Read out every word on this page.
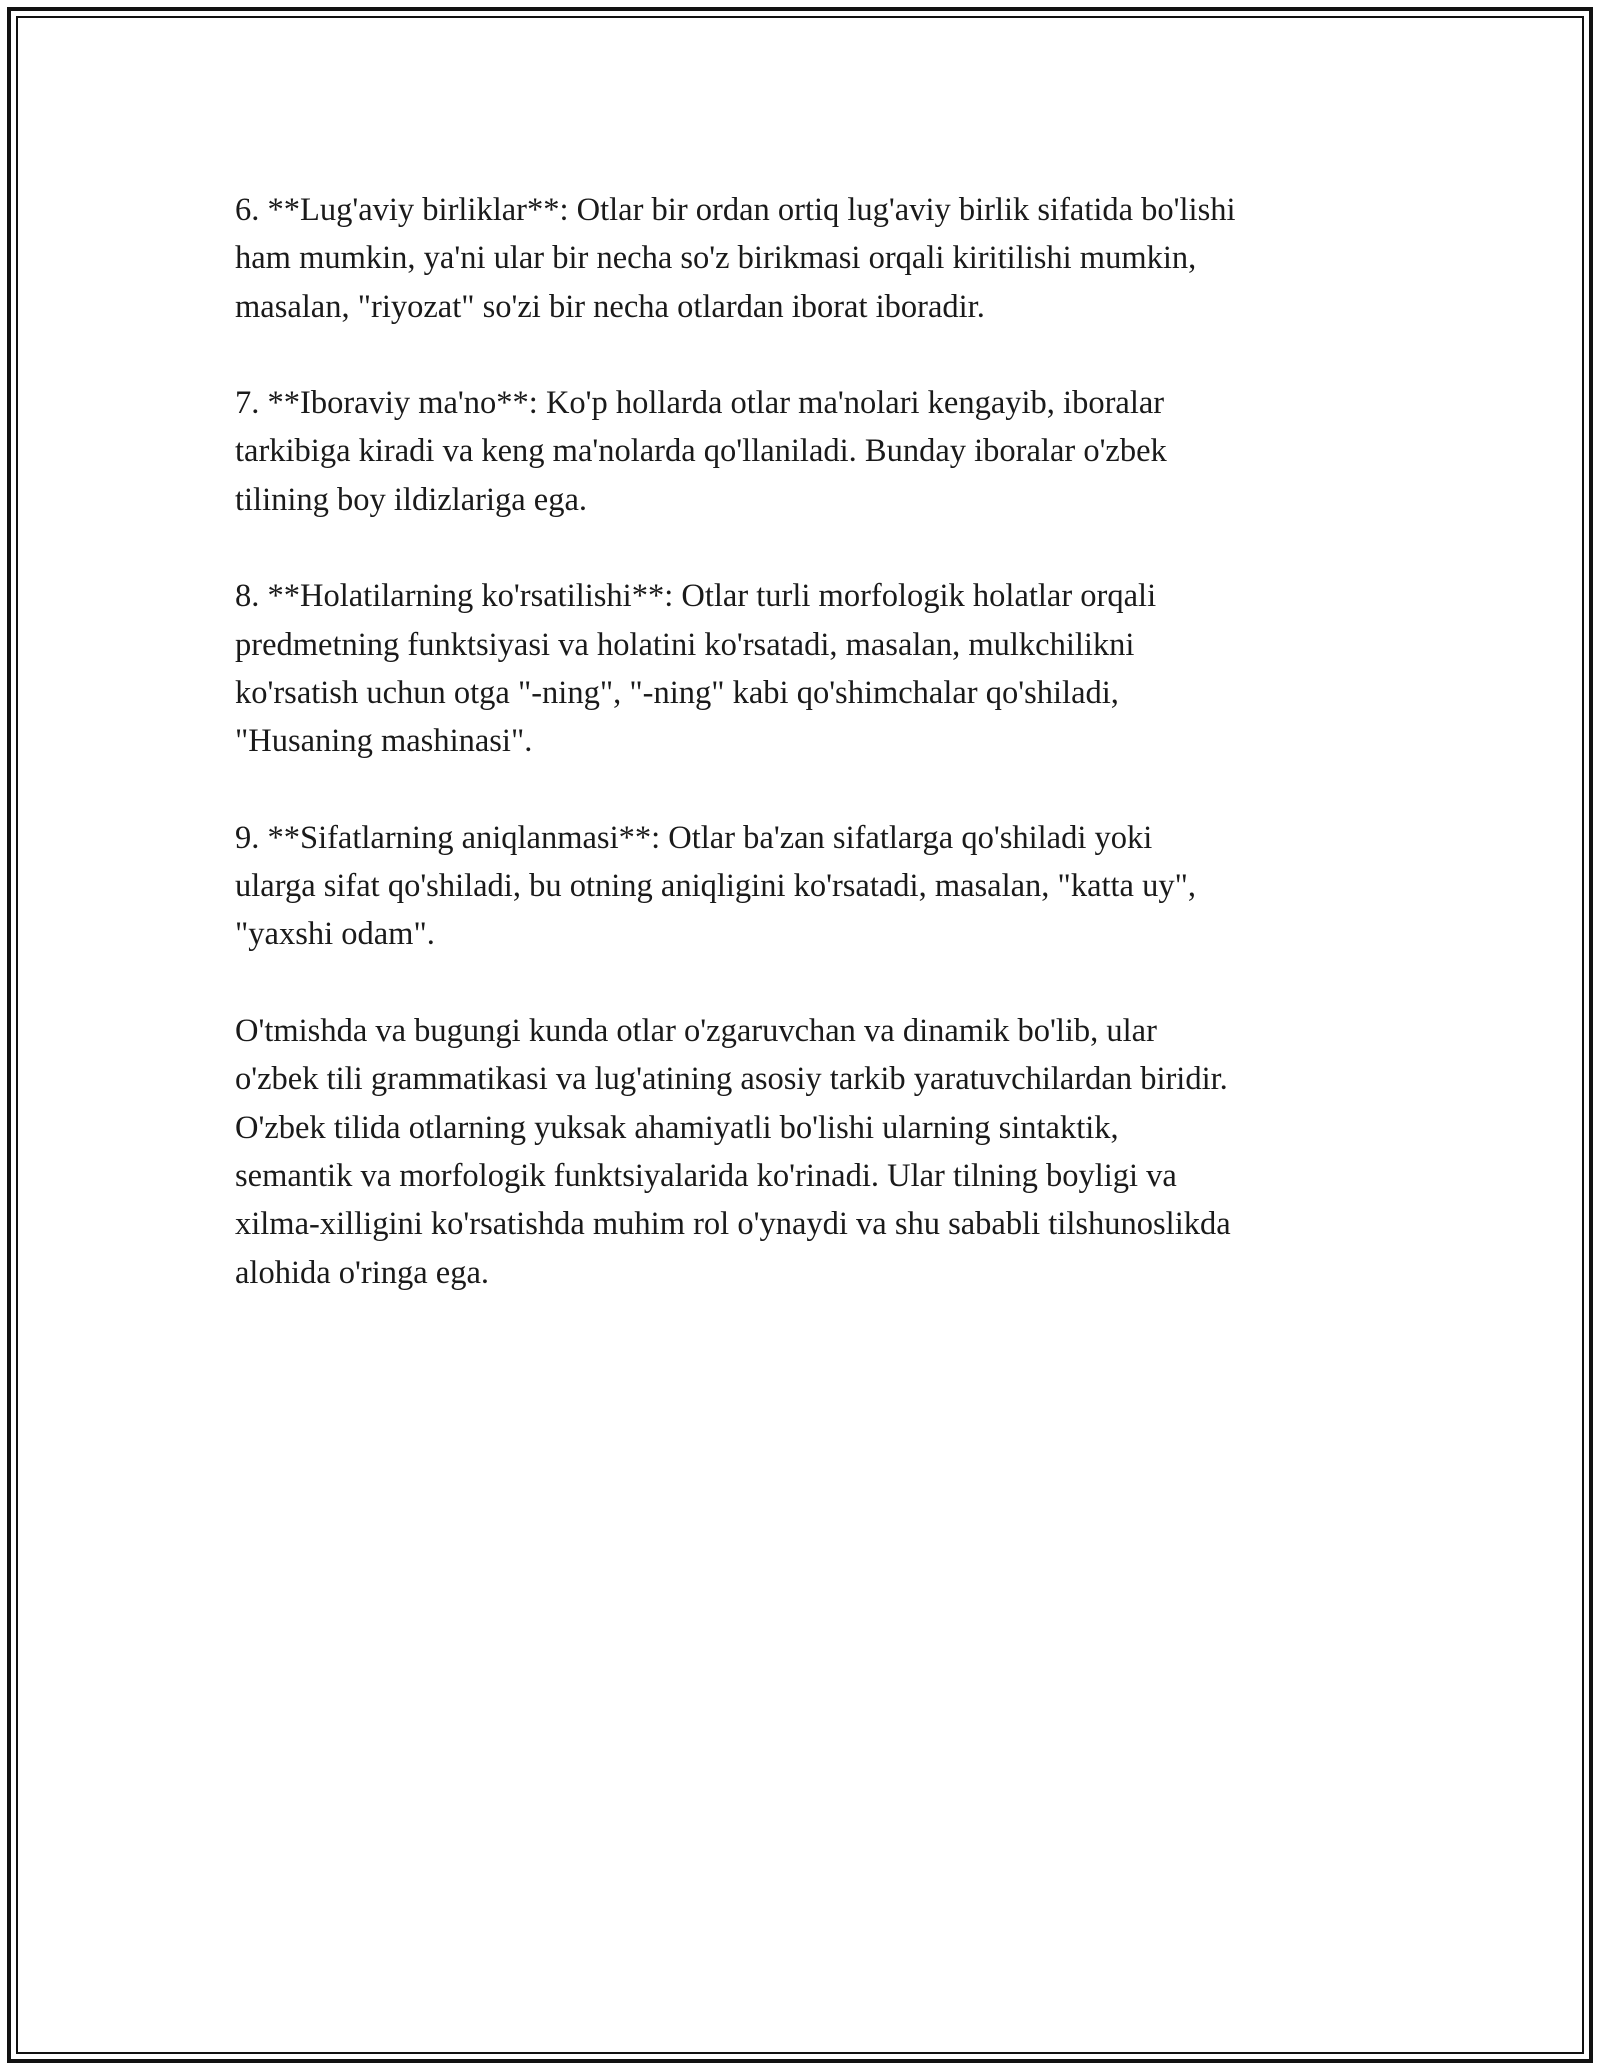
6. **Lug'aviy birliklar**: Otlar bir ordan ortiq lug'aviy birlik sifatida bo'lishi
ham mumkin, ya'ni ular bir necha so'z birikmasi orqali kiritilishi mumkin,
masalan, "riyozat" so'zi bir necha otlardan iborat iboradir.

7. **Iboraviy ma'no**: Ko'p hollarda otlar ma'nolari kengayib, iboralar
tarkibiga kiradi va keng ma'nolarda qo'llaniladi. Bunday iboralar o'zbek
tilining boy ildizlariga ega.

8. **Holatilarning ko'rsatilishi**: Otlar turli morfologik holatlar orqali
predmetning funktsiyasi va holatini ko'rsatadi, masalan, mulkchilikni
ko'rsatish uchun otga "-ning", "-ning" kabi qo'shimchalar qo'shiladi,
"Husaning mashinasi".

9. **Sifatlarning aniqlanmasi**: Otlar ba'zan sifatlarga qo'shiladi yoki
ularga sifat qo'shiladi, bu otning aniqligini ko'rsatadi, masalan, "katta uy",
"yaxshi odam".

O'tmishda va bugungi kunda otlar o'zgaruvchan va dinamik bo'lib, ular
o'zbek tili grammatikasi va lug'atining asosiy tarkib yaratuvchilardan biridir.
O'zbek tilida otlarning yuksak ahamiyatli bo'lishi ularning sintaktik,
semantik va morfologik funktsiyalarida ko'rinadi. Ular tilning boyligi va
xilma-xilligini ko'rsatishda muhim rol o'ynaydi va shu sababli tilshunoslikda
alohida o'ringa ega.
